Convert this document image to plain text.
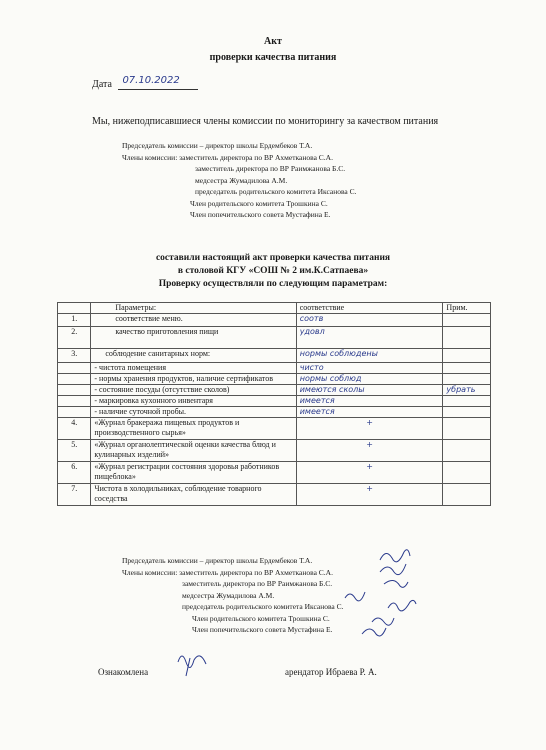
Акт
проверки качества питания
Дата 07.10.2022
Мы, нижеподписавшиеся члены комиссии по мониторингу за качеством питания
Председатель комиссии – директор школы Ердембеков Т.А.
Члены комиссии: заместитель директора по ВР Ахметканова С.А.
заместитель директора по ВР Раимжанова Б.С.
медсестра Жумадилова А.М.
председатель родительского комитета Иксанова С.
Член родительского комитета Трошкина С.
Член попечительского совета Мустафина Е.
составили настоящий акт проверки качества питания
в столовой КГУ «СОШ № 2 им.К.Сатпаева»
Проверку осуществляли по следующим параметрам:
	Параметры:	соответствие	Прим.
1.	соответствие меню.	соотв	

2.	качество приготовления пищи	удовл	

3.	соблюдение санитарных норм:	нормы соблюдены	

	- чистота помещения	чисто	

	- нормы хранения продуктов, наличие сертификатов	нормы соблюд	

	- состояние посуды (отсутствие сколов)	имеются сколы	убрать

	- маркировка кухонного инвентаря	имеется	

	- наличие суточной пробы.	имеется	

4.	«Журнал бракеража пищевых продуктов и производственного сырья»	+	

5.	«Журнал органолептической оценки качества блюд и кулинарных изделий»	+	

6.	«Журнал регистрации состояния здоровья работников пищеблока»	+	

7.	Чистота в холодильниках, соблюдение товарного соседства	+	

Председатель комиссии – директор школы Ердембеков Т.А.
Члены комиссии: заместитель директора по ВР Ахметканова С.А.
заместитель директора по ВР Раимжанова Б.С.
медсестра Жумадилова А.М.
председатель родительского комитета Иксанова С.
Член родительского комитета Трошкина С.
Член попечительского совета Мустафина Е.
Ознакомлена	арендатор Ибраева Р. А.
